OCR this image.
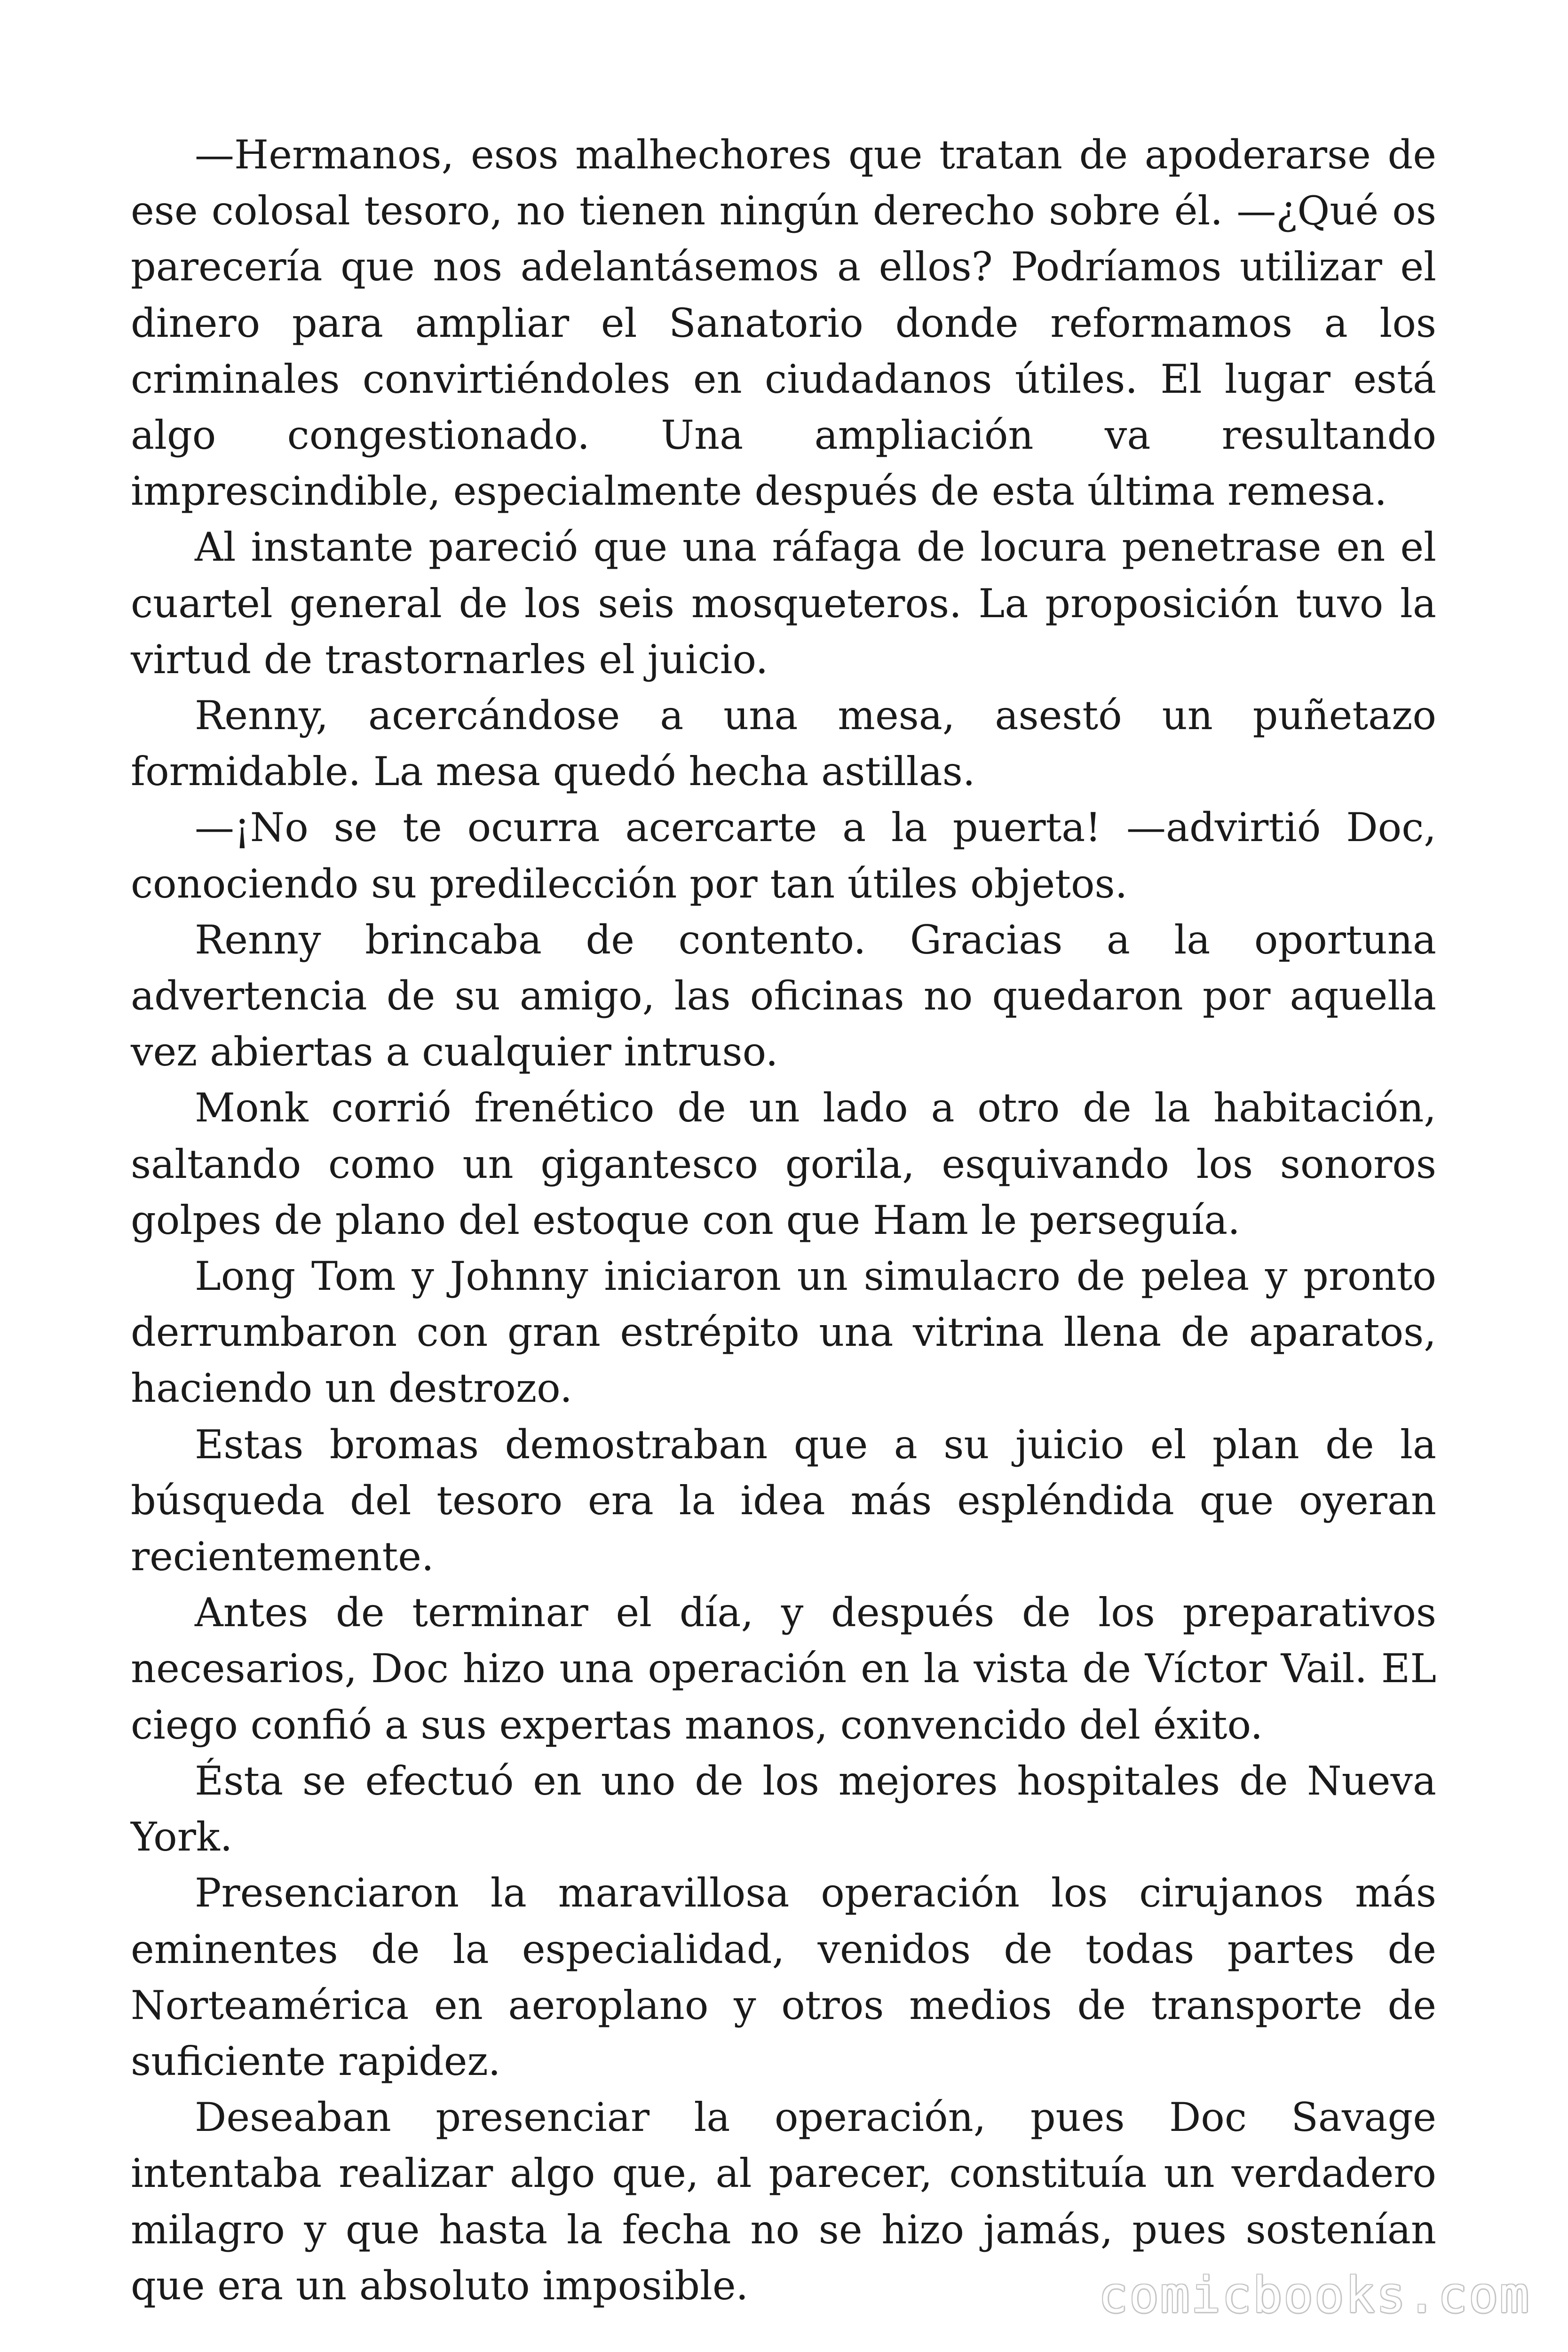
—Hermanos, esos malhechores que tratan de apoderarse de ese colosal tesoro, no tienen ningún derecho sobre él. —¿Qué os parecería que nos adelantásemos a ellos? Podríamos utilizar el dinero para ampliar el Sanatorio donde reformamos a los criminales convirtiéndoles en ciudadanos útiles. El lugar está algo congestionado. Una ampliación va resultando imprescindible, especialmente después de esta última remesa.

Al instante pareció que una ráfaga de locura penetrase en el cuartel general de los seis mosqueteros. La proposición tuvo la virtud de trastornarles el juicio.

Renny, acercándose a una mesa, asestó un puñetazo formidable. La mesa quedó hecha astillas.

—¡No se te ocurra acercarte a la puerta! —advirtió Doc, conociendo su predilección por tan útiles objetos.

Renny brincaba de contento. Gracias a la oportuna advertencia de su amigo, las oficinas no quedaron por aquella vez abiertas a cualquier intruso.

Monk corrió frenético de un lado a otro de la habitación, saltando como un gigantesco gorila, esquivando los sonoros golpes de plano del estoque con que Ham le perseguía.

Long Tom y Johnny iniciaron un simulacro de pelea y pronto derrumbaron con gran estrépito una vitrina llena de aparatos, haciendo un destrozo.

Estas bromas demostraban que a su juicio el plan de la búsqueda del tesoro era la idea más espléndida que oyeran recientemente.

Antes de terminar el día, y después de los preparativos necesarios, Doc hizo una operación en la vista de Víctor Vail. EL ciego confió a sus expertas manos, convencido del éxito.

Ésta se efectuó en uno de los mejores hospitales de Nueva York.

Presenciaron la maravillosa operación los cirujanos más eminentes de la especialidad, venidos de todas partes de Norteamérica en aeroplano y otros medios de transporte de suficiente rapidez.

Deseaban presenciar la operación, pues Doc Savage intentaba realizar algo que, al parecer, constituía un verdadero milagro y que hasta la fecha no se hizo jamás, pues sostenían que era un absoluto imposible.	comicbooks.com
